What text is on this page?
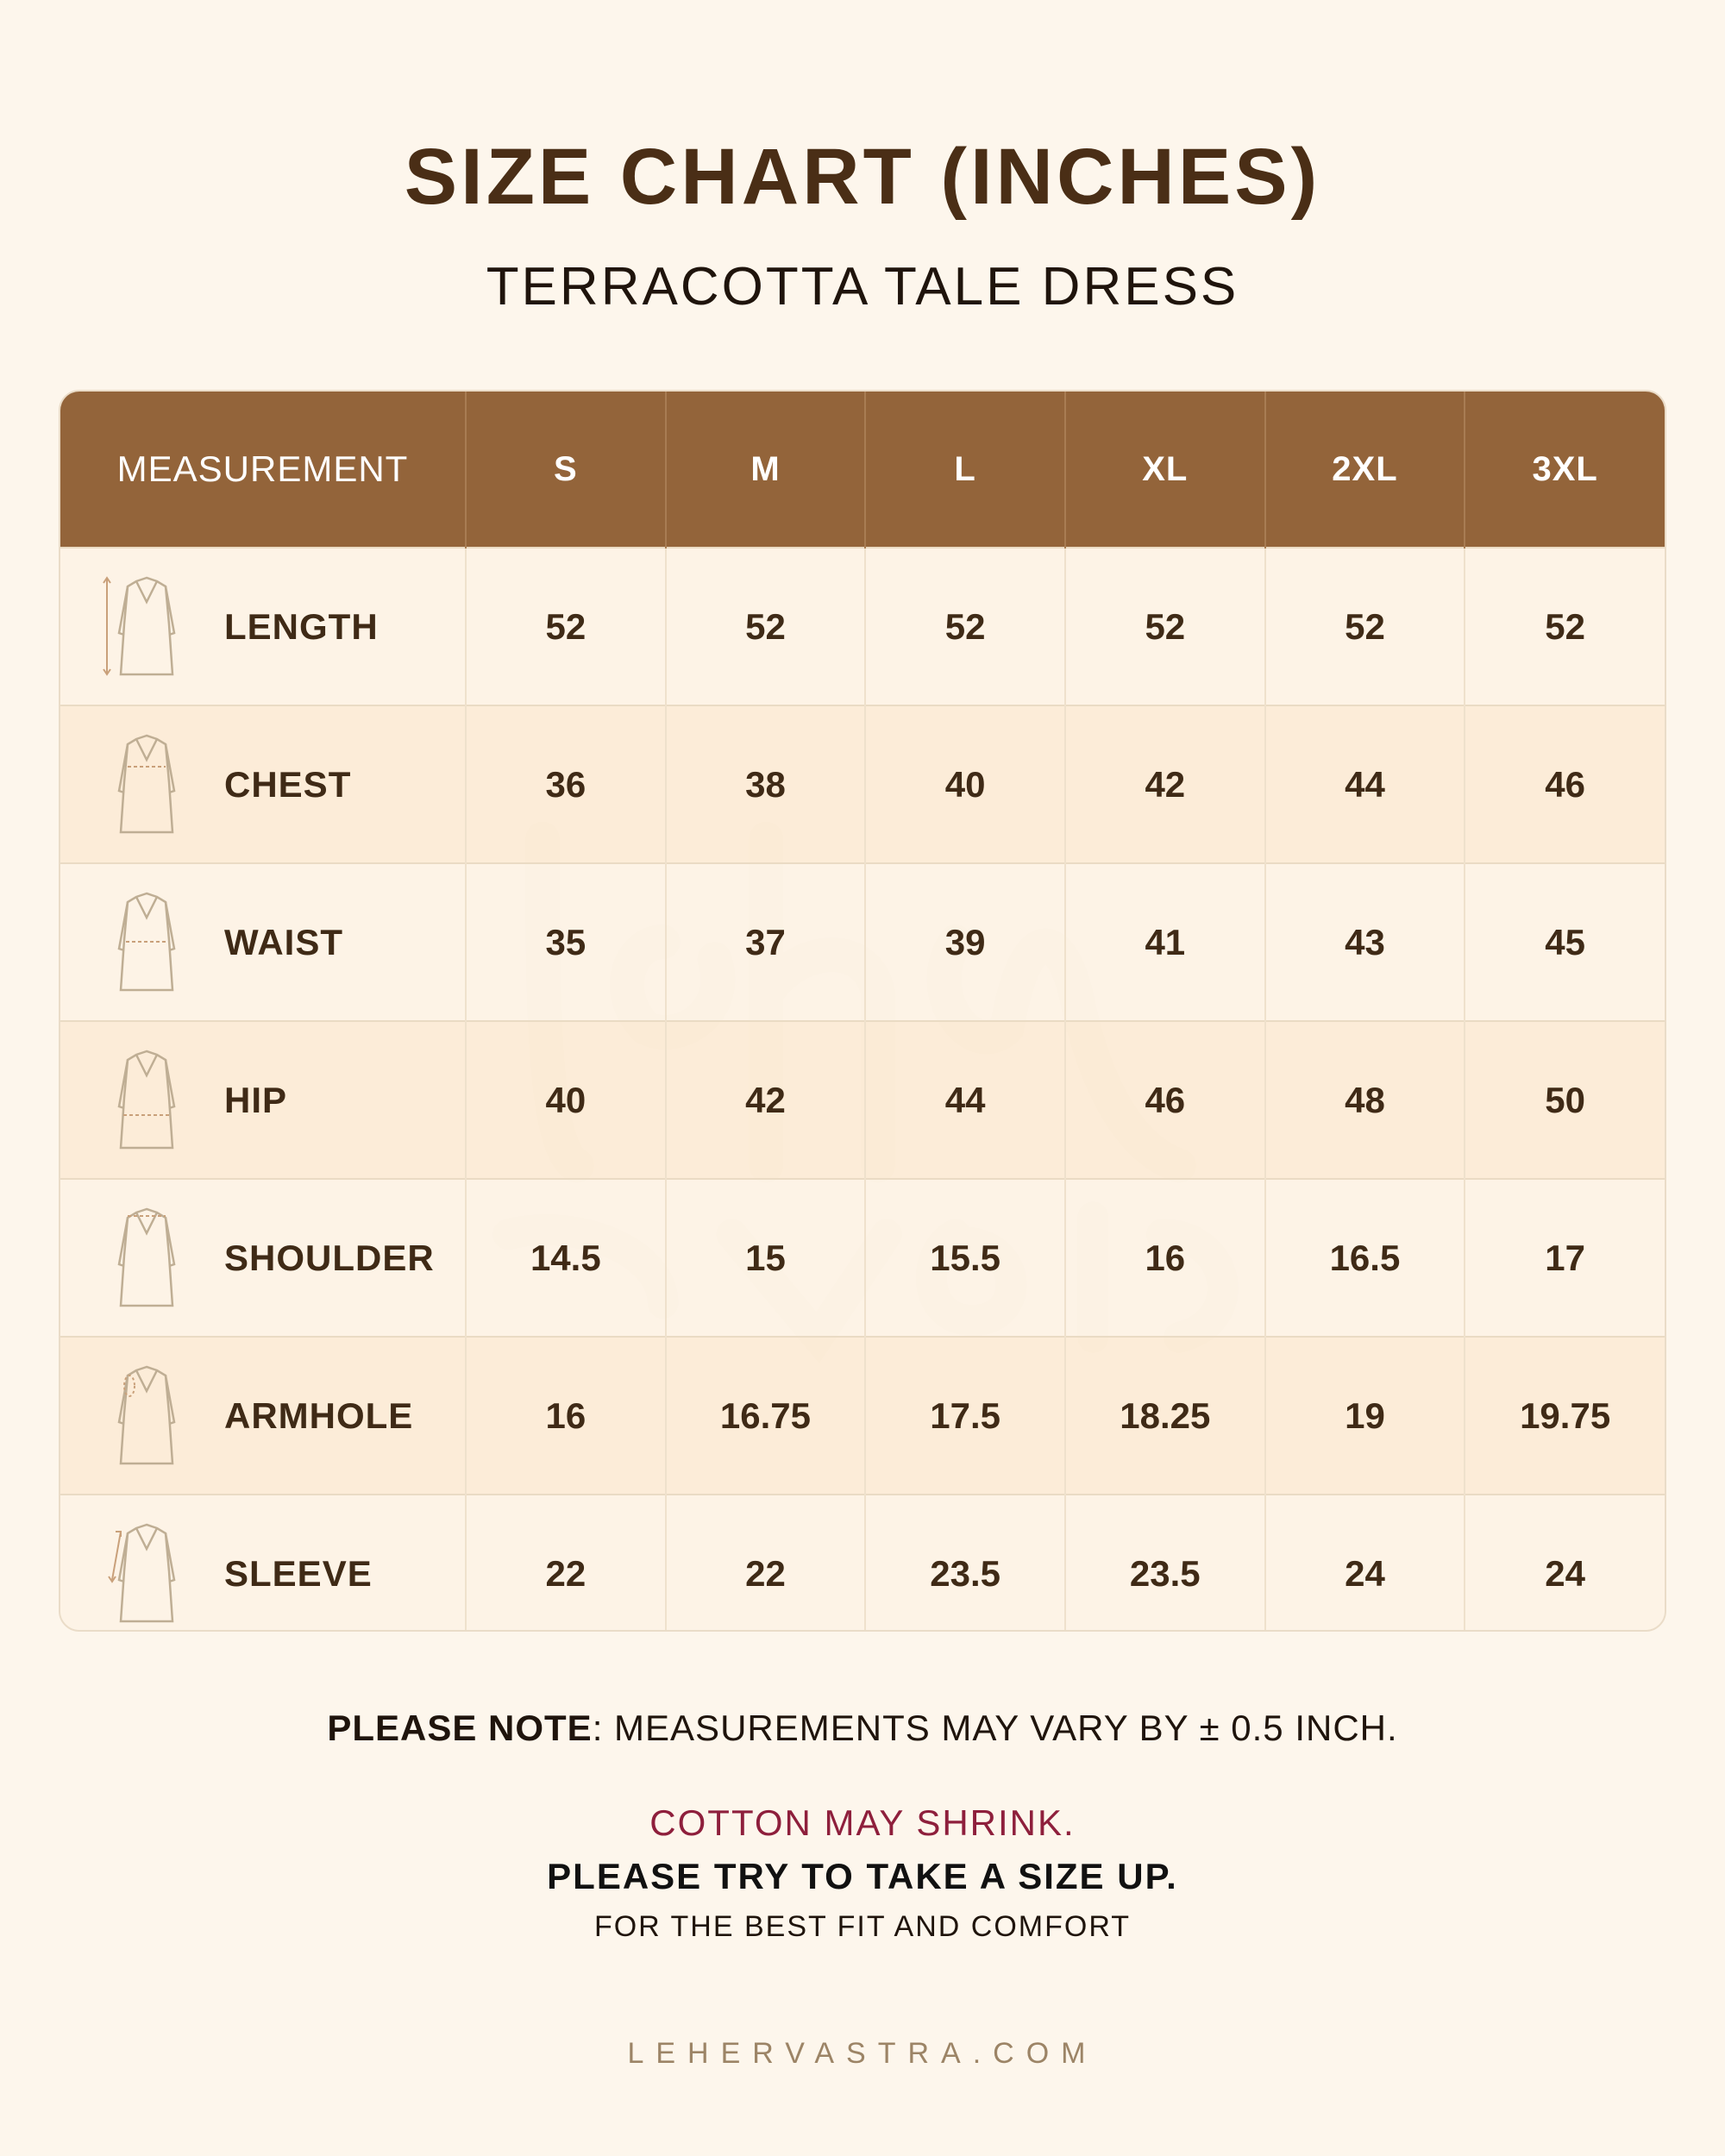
SIZE CHART (INCHES)
TERRACOTTA TALE DRESS
MEASUREMENT	S	M	L	XL	2XL	3XL

LENGTH	52	52	52	52	52	52

CHEST	36	38	40	42	44	46

WAIST	35	37	39	41	43	45

HIP	40	42	44	46	48	50

SHOULDER	14.5	15	15.5	16	16.5	17

ARMHOLE	16	16.75	17.5	18.25	19	19.75

SLEEVE	22	22	23.5	23.5	24	24
PLEASE NOTE: MEASUREMENTS MAY VARY BY ± 0.5 INCH.
COTTON MAY SHRINK.
PLEASE TRY TO TAKE A SIZE UP.
FOR THE BEST FIT AND COMFORT
LEHERVASTRA.COM
